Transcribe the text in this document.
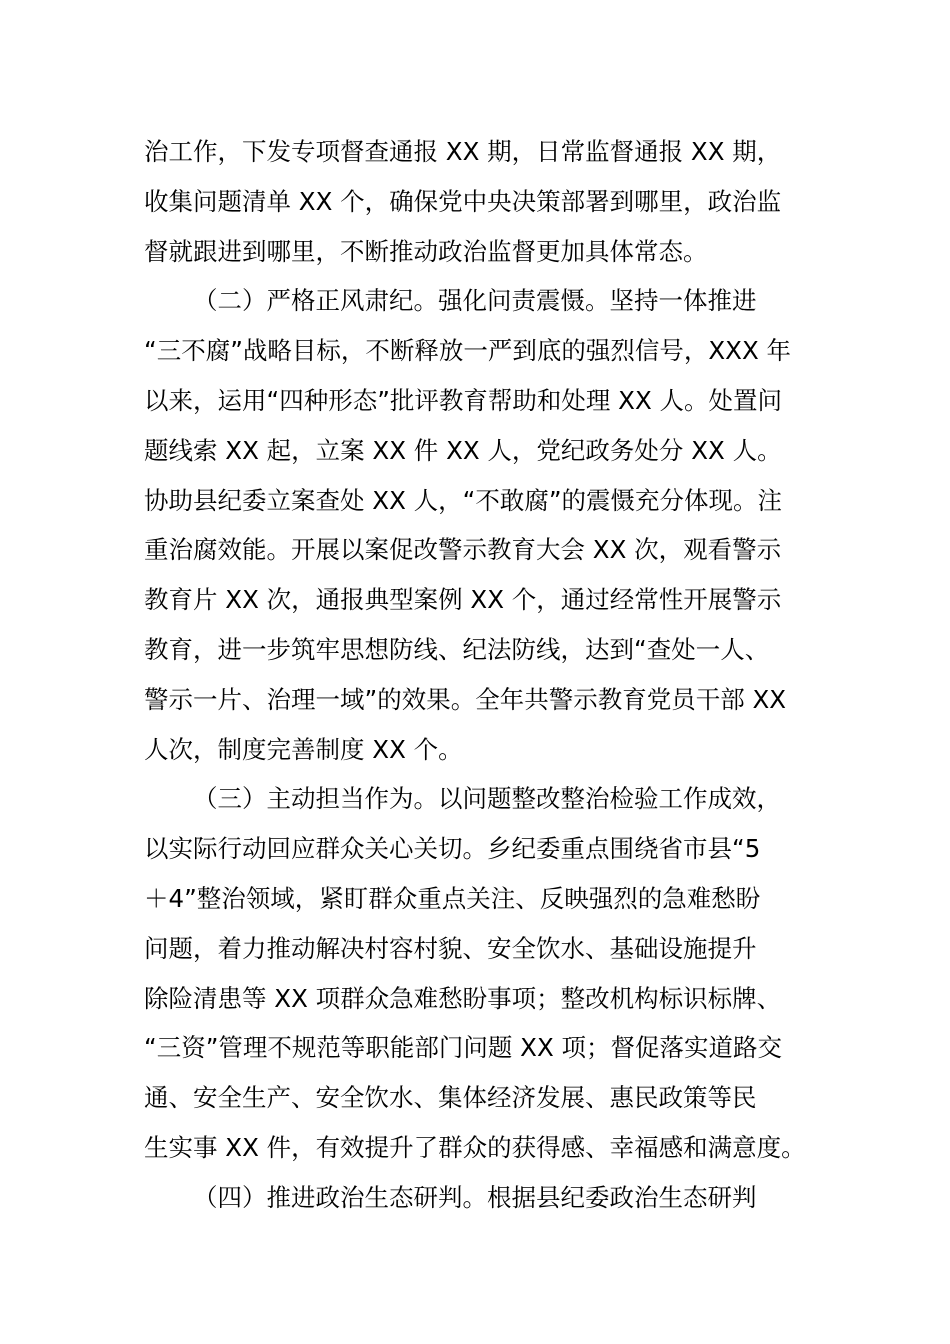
治工作，下发专项督查通报 XX 期，日常监督通报 XX 期，
收集问题清单 XX 个，确保党中央决策部署到哪里，政治监
督就跟进到哪里，不断推动政治监督更加具体常态。
（二）严格正风肃纪。强化问责震慑。坚持一体推进
“三不腐”战略目标，不断释放一严到底的强烈信号，XXX 年
以来，运用“四种形态”批评教育帮助和处理 XX 人。处置问
题线索 XX 起，立案 XX 件 XX 人，党纪政务处分 XX 人。
协助县纪委立案查处 XX 人，“不敢腐”的震慑充分体现。注
重治腐效能。开展以案促改警示教育大会 XX 次，观看警示
教育片 XX 次，通报典型案例 XX 个，通过经常性开展警示
教育，进一步筑牢思想防线、纪法防线，达到“查处一人、
警示一片、治理一域”的效果。全年共警示教育党员干部 XX
人次，制度完善制度 XX 个。
（三）主动担当作为。以问题整改整治检验工作成效，
以实际行动回应群众关心关切。乡纪委重点围绕省市县“5
＋4”整治领域，紧盯群众重点关注、反映强烈的急难愁盼
问题，着力推动解决村容村貌、安全饮水、基础设施提升
除险清患等 XX 项群众急难愁盼事项；整改机构标识标牌、
“三资”管理不规范等职能部门问题 XX 项；督促落实道路交
通、安全生产、安全饮水、集体经济发展、惠民政策等民
生实事 XX 件，有效提升了群众的获得感、幸福感和满意度。
（四）推进政治生态研判。根据县纪委政治生态研判
